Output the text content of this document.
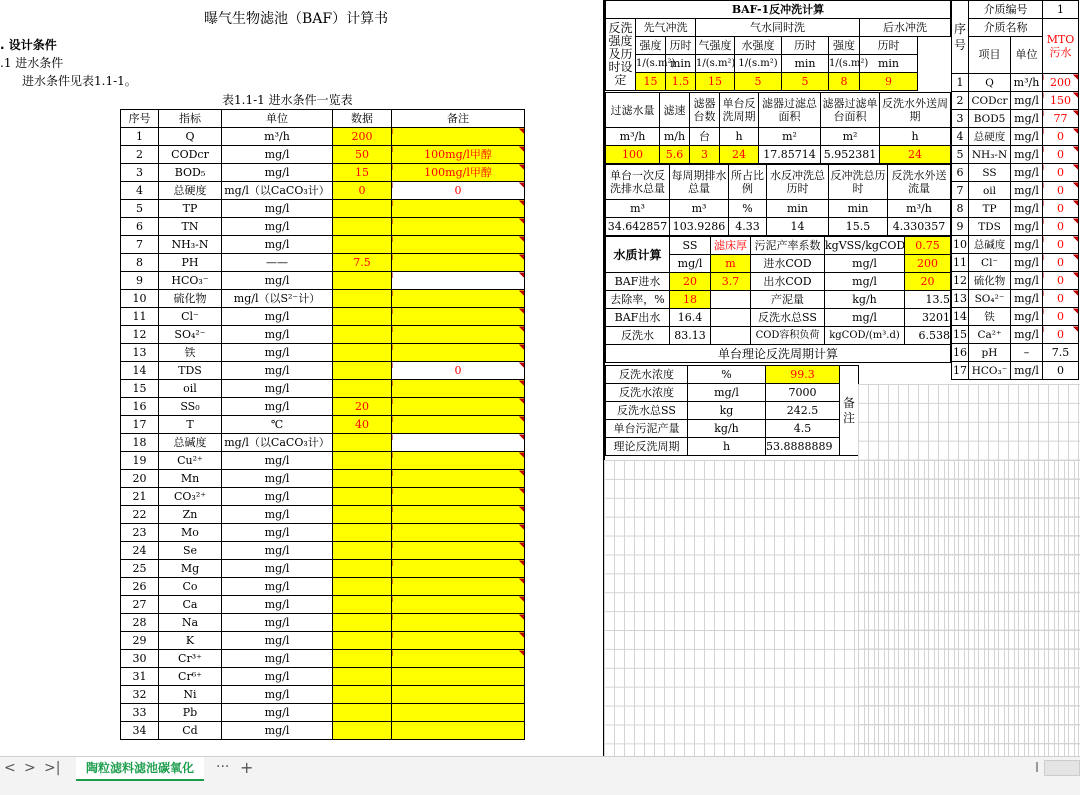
曝气生物滤池（BAF）计算书
. 设计条件
.1 进水条件
进水条件见表1.1-1。
表1.1-1 进水条件一览表
序号	指标	单位	数据	备注
1	Q	m³/h	200	
2	CODcr	mg/l	50	100mg/l甲醇
3	BOD₅	mg/l	15	100mg/l甲醇
4	总硬度	mg/l（以CaCO₃计）	0	0
5	TP	mg/l		
6	TN	mg/l		
7	NH₃-N	mg/l		
8	PH	——	7.5	
9	HCO₃⁻	mg/l		
10	硫化物	mg/l（以S²⁻计）		
11	Cl⁻	mg/l		
12	SO₄²⁻	mg/l		
13	铁	mg/l		
14	TDS	mg/l		0
15	oil	mg/l		
16	SS₀	mg/l	20	
17	T	℃	40	
18	总碱度	mg/l（以CaCO₃计）		
19	Cu²⁺	mg/l		
20	Mn	mg/l		
21	CO₃²⁺	mg/l		
22	Zn	mg/l		
23	Mo	mg/l		
24	Se	mg/l		
25	Mg	mg/l		
26	Co	mg/l		
27	Ca	mg/l		
28	Na	mg/l		
29	K	mg/l		
30	Cr³⁺	mg/l		
31	Cr⁶⁺	mg/l		
32	Ni	mg/l		
33	Pb	mg/l		
34	Cd	mg/l		
BAF-1反冲洗计算							
反洗强度及历时设定	先气冲洗		气水同时洗				后水冲洗
	强度	历时	气强度	水强度	历时	强度	历时
	1/(s.m²)	min	1/(s.m²)	1/(s.m²)	min	1/(s.m²)	min
	15	1.5	15	5	5	8	9
过滤水量	滤速	滤器台数	单台反洗周期	滤器过滤总面积	滤器过滤单台面积	反洗水外送周期
m³/h	m/h	台	h	m²	m²	h
100	5.6	3	24	17.85714	5.952381	24
单台一次反洗排水总量	每周期排水总量	所占比例	水反冲洗总历时	反冲洗总历时	反洗水外送流量
m³	m³	%	min	min	m³/h
34.642857	103.9286	4.33	14	15.5	4.330357
水质计算	SS	滤床厚	污泥产率系数	kgVSS/kgCOD	0.75
	mg/l	m	进水COD	mg/l	200
BAF进水	20	3.7	出水COD	mg/l	20
去除率，%	18		产泥量	kg/h	13.5
BAF出水	16.4		反洗水总SS	mg/l	3201
反洗水	83.13		COD容积负荷	kgCOD/(m³.d)	6.538
单台理论反洗周期计算					
反洗水浓度	%	99.3	备注
反洗水浓度	mg/l	7000	
反洗水总SS	kg	242.5	
单台污泥产量	kg/h	4.5	
理论反洗周期	h	53.8888889	
序号	介质编号		1
	介质名称		MTO污水
	项目	单位	
1	Q	m³/h	200
2	CODcr	mg/l	150
3	BOD5	mg/l	77
4	总硬度	mg/l	0
5	NH₃-N	mg/l	0
6	SS	mg/l	0
7	oil	mg/l	0
8	TP	mg/l	0
9	TDS	mg/l	0
10	总碱度	mg/l	0
11	Cl⁻	mg/l	0
12	硫化物	mg/l	0
13	SO₄²⁻	mg/l	0
14	铁	mg/l	0
15	Ca²⁺	mg/l	0
16	pH	–	7.5
17	HCO₃⁻	mg/l	0
< > >|	陶粒滤料滤池碳氧化	··· +
